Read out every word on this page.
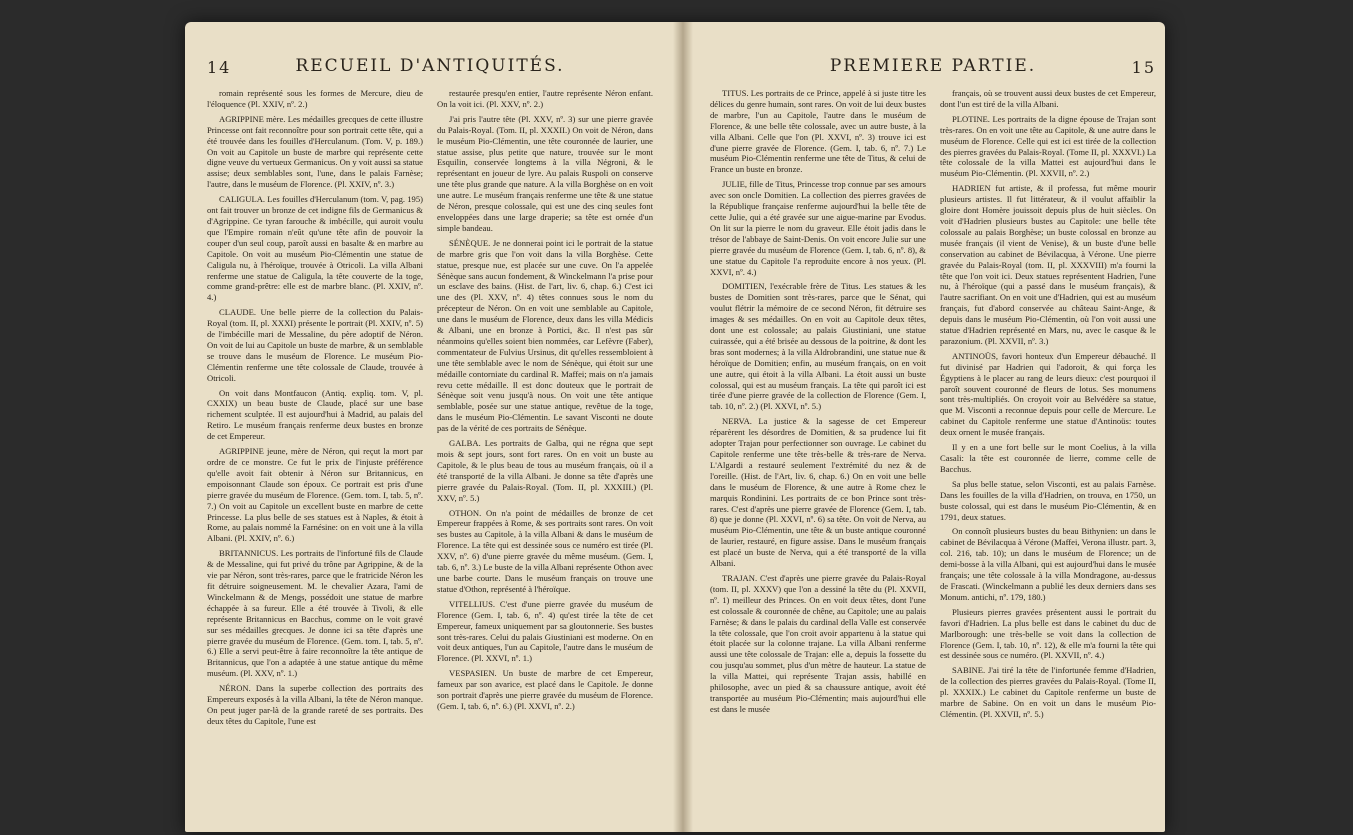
14	RECUEIL D'ANTIQUITÉS.

romain représenté sous les formes de Mercure, dieu de l'éloquence (Pl. XXIV, nº. 2.)

AGRIPPINE mère. Les médailles grecques de cette illustre Princesse ont fait reconnoître pour son portrait cette tête, qui a été trouvée dans les fouilles d'Herculanum. (Tom. V, p. 189.) On voit au Capitole un buste de marbre qui représente cette digne veuve du vertueux Germanicus. On y voit aussi sa statue assise; deux semblables sont, l'une, dans le palais Farnèse; l'autre, dans le muséum de Florence. (Pl. XXIV, nº. 3.)

CALIGULA. Les fouilles d'Herculanum (tom. V, pag. 195) ont fait trouver un bronze de cet indigne fils de Germanicus & d'Agrippine. Ce tyran farouche & imbécille, qui auroit voulu que l'Empire romain n'eût qu'une tête afin de pouvoir la couper d'un seul coup, paroît aussi en basalte & en marbre au Capitole. On voit au muséum Pio-Clémentin une statue de Caligula nu, à l'héroïque, trouvée à Otricoli. La villa Albani renferme une statue de Caligula, la tête couverte de la toge, comme grand-prêtre: elle est de marbre blanc. (Pl. XXIV, nº. 4.)

CLAUDE. Une belle pierre de la collection du Palais-Royal (tom. II, pl. XXXI) présente le portrait (Pl. XXIV, nº. 5) de l'imbécille mari de Messaline, du père adoptif de Néron. On voit de lui au Capitole un buste de marbre, & un semblable se trouve dans le muséum de Florence. Le muséum Pio-Clémentin renferme une tête colossale de Claude, trouvée à Otricoli.

On voit dans Montfaucon (Antiq. expliq. tom. V, pl. CXXIX) un beau buste de Claude, placé sur une base richement sculptée. Il est aujourd'hui à Madrid, au palais del Retiro. Le muséum français renferme deux bustes en bronze de cet Empereur.

AGRIPPINE jeune, mère de Néron, qui reçut la mort par ordre de ce monstre. Ce fut le prix de l'injuste préférence qu'elle avoit fait obtenir à Néron sur Britannicus, en empoisonnant Claude son époux. Ce portrait est pris d'une pierre gravée du muséum de Florence. (Gem. tom. I, tab. 5, nº. 7.) On voit au Capitole un excellent buste en marbre de cette Princesse. La plus belle de ses statues est à Naples, & étoit à Rome, au palais nommé la Farnésine: on en voit une à la villa Albani. (Pl. XXIV, nº. 6.)

BRITANNICUS. Les portraits de l'infortuné fils de Claude & de Messaline, qui fut privé du trône par Agrippine, & de la vie par Néron, sont très-rares, parce que le fratricide Néron les fit détruire soigneusement. M. le chevalier Azara, l'ami de Winckelmann & de Mengs, possédoit une statue de marbre échappée à sa fureur. Elle a été trouvée à Tivoli, & elle représente Britannicus en Bacchus, comme on le voit gravé sur ses médailles grecques. Je donne ici sa tête d'après une pierre gravée du muséum de Florence. (Gem. tom. I, tab. 5, nº. 6.) Elle a servi peut-être à faire reconnoître la tête antique de Britannicus, que l'on a adaptée à une statue antique du même muséum. (Pl. XXV, nº. 1.)

NÉRON. Dans la superbe collection des portraits des Empereurs exposés à la villa Albani, la tête de Néron manque. On peut juger par-là de la grande rareté de ses portraits. Des deux têtes du Capitole, l'une est

restaurée presqu'en entier, l'autre représente Néron enfant. On la voit ici. (Pl. XXV, nº. 2.)

J'ai pris l'autre tête (Pl. XXV, nº. 3) sur une pierre gravée du Palais-Royal. (Tom. II, pl. XXXII.) On voit de Néron, dans le muséum Pio-Clémentin, une tête couronnée de laurier, une statue assise, plus petite que nature, trouvée sur le mont Esquilin, conservée longtems à la villa Négroni, & le représentant en joueur de lyre. Au palais Ruspoli on conserve une tête plus grande que nature. A la villa Borghèse on en voit une autre. Le muséum français renferme une tête & une statue de Néron, presque colossale, qui est une des cinq seules font enveloppées dans une large draperie; sa tête est ornée d'un simple bandeau.

SÉNÈQUE. Je ne donnerai point ici le portrait de la statue de marbre gris que l'on voit dans la villa Borghèse. Cette statue, presque nue, est placée sur une cuve. On l'a appelée Sénèque sans aucun fondement, & Winckelmann l'a prise pour un esclave des bains. (Hist. de l'art, liv. 6, chap. 6.) C'est ici une des (Pl. XXV, nº. 4) têtes connues sous le nom du précepteur de Néron. On en voit une semblable au Capitole, une dans le muséum de Florence, deux dans les villa Médicis & Albani, une en bronze à Portici, &c. Il n'est pas sûr néanmoins qu'elles soient bien nommées, car Lefèvre (Faber), commentateur de Fulvius Ursinus, dit qu'elles ressembloient à une tête semblable avec le nom de Sénèque, qui étoit sur une médaille contorniate du cardinal R. Maffei; mais on n'a jamais revu cette médaille. Il est donc douteux que le portrait de Sénèque soit venu jusqu'à nous. On voit une tête antique semblable, posée sur une statue antique, revêtue de la toge, dans le muséum Pio-Clémentin. Le savant Visconti ne doute pas de la vérité de ces portraits de Sénèque.

GALBA. Les portraits de Galba, qui ne régna que sept mois & sept jours, sont fort rares. On en voit un buste au Capitole, & le plus beau de tous au muséum français, où il a été transporté de la villa Albani. Je donne sa tête d'après une pierre gravée du Palais-Royal. (Tom. II, pl. XXXIII.) (Pl. XXV, nº. 5.)

OTHON. On n'a point de médailles de bronze de cet Empereur frappées à Rome, & ses portraits sont rares. On voit ses bustes au Capitole, à la villa Albani & dans le muséum de Florence. La tête qui est dessinée sous ce numéro est tirée (Pl. XXV, nº. 6) d'une pierre gravée du même muséum. (Gem. I, tab. 6, nº. 3.) Le buste de la villa Albani représente Othon avec une barbe courte. Dans le muséum français on trouve une statue d'Othon, représenté à l'héroïque.

VITELLIUS. C'est d'une pierre gravée du muséum de Florence (Gem. I, tab. 6, nº. 4) qu'est tirée la tête de cet Empereur, fameux uniquement par sa gloutonnerie. Ses bustes sont très-rares. Celui du palais Giustiniani est moderne. On en voit deux antiques, l'un au Capitole, l'autre dans le muséum de Florence. (Pl. XXVI, nº. 1.)

VESPASIEN. Un buste de marbre de cet Empereur, fameux par son avarice, est placé dans le Capitole. Je donne son portrait d'après une pierre gravée du muséum de Florence. (Gem. I, tab. 6, nº. 6.) (Pl. XXVI, nº. 2.)

PREMIERE PARTIE.	15

TITUS. Les portraits de ce Prince, appelé à si juste titre les délices du genre humain, sont rares. On voit de lui deux bustes de marbre, l'un au Capitole, l'autre dans le muséum de Florence, & une belle tête colossale, avec un autre buste, à la villa Albani. Celle que l'on (Pl. XXVI, nº. 3) trouve ici est d'une pierre gravée de Florence. (Gem. I, tab. 6, nº. 7.) Le muséum Pio-Clémentin renferme une tête de Titus, & celui de France un buste en bronze.

JULIE, fille de Titus, Princesse trop connue par ses amours avec son oncle Domitien. La collection des pierres gravées de la République française renferme aujourd'hui la belle tête de cette Julie, qui a été gravée sur une aigue-marine par Evodus. On lit sur la pierre le nom du graveur. Elle étoit jadis dans le trésor de l'abbaye de Saint-Denis. On voit encore Julie sur une pierre gravée du muséum de Florence (Gem. I, tab. 6, nº. 8), & une statue du Capitole l'a reproduite encore à nos yeux. (Pl. XXVI, nº. 4.)

DOMITIEN, l'exécrable frère de Titus. Les statues & les bustes de Domitien sont très-rares, parce que le Sénat, qui voulut flétrir la mémoire de ce second Néron, fit détruire ses images & ses médailles. On en voit au Capitole deux têtes, dont une est colossale; au palais Giustiniani, une statue cuirassée, qui a été brisée au dessous de la poitrine, & dont les bras sont modernes; à la villa Aldrobrandini, une statue nue & héroïque de Domitien; enfin, au muséum français, on en voit une autre, qui étoit à la villa Albani. La étoit aussi un buste colossal, qui est au muséum français. La tête qui paroît ici est tirée d'une pierre gravée de la collection de Florence (Gem. I, tab. 10, nº. 2.) (Pl. XXVI, nº. 5.)

NERVA. La justice & la sagesse de cet Empereur réparèrent les désordres de Domitien, & sa prudence lui fit adopter Trajan pour perfectionner son ouvrage. Le cabinet du Capitole renferme une tête très-belle & très-rare de Nerva. L'Algardi a restauré seulement l'extrémité du nez & de l'oreille. (Hist. de l'Art, liv. 6, chap. 6.) On en voit une belle dans le muséum de Florence, & une autre à Rome chez le marquis Rondinini. Les portraits de ce bon Prince sont très-rares. C'est d'après une pierre gravée de Florence (Gem. I, tab. 8) que je donne (Pl. XXVI, nº. 6) sa tête. On voit de Nerva, au muséum Pio-Clémentin, une tête & un buste antique couronné de laurier, restauré, en figure assise. Dans le muséum français est placé un buste de Nerva, qui a été transporté de la villa Albani.

TRAJAN. C'est d'après une pierre gravée du Palais-Royal (tom. II, pl. XXXV) que l'on a dessiné la tête du (Pl. XXVII, nº. 1) meilleur des Princes. On en voit deux têtes, dont l'une est colossale & couronnée de chêne, au Capitole; une au palais Farnèse; & dans le palais du cardinal della Valle est conservée la tête colossale, que l'on croit avoir appartenu à la statue qui étoit placée sur la colonne trajane. La villa Albani renferme aussi une tête colossale de Trajan: elle a, depuis la fossette du cou jusqu'au sommet, plus d'un mètre de hauteur. La statue de la villa Mattei, qui représente Trajan assis, habillé en philosophe, avec un pied & sa chaussure antique, avoit été transportée au muséum Pio-Clémentin; mais aujourd'hui elle est dans le musée

français, où se trouvent aussi deux bustes de cet Empereur, dont l'un est tiré de la villa Albani.

PLOTINE. Les portraits de la digne épouse de Trajan sont très-rares. On en voit une tête au Capitole, & une autre dans le muséum de Florence. Celle qui est ici est tirée de la collection des pierres gravées du Palais-Royal. (Tome II, pl. XXXVI.) La tête colossale de la villa Mattei est aujourd'hui dans le muséum Pio-Clémentin. (Pl. XXVII, nº. 2.)

HADRIEN fut artiste, & il professa, fut même mourir plusieurs artistes. Il fut littérateur, & il voulut affaiblir la gloire dont Homère jouissoit depuis plus de huit siècles. On voit d'Hadrien plusieurs bustes au Capitole: une belle tête colossale au palais Borghèse; un buste colossal en bronze au musée français (il vient de Venise), & un buste d'une belle conservation au cabinet de Bévilacqua, à Vérone. Une pierre gravée du Palais-Royal (tom. II, pl. XXXVIII) m'a fourni la tête que l'on voit ici. Deux statues représentent Hadrien, l'une nu, à l'héroïque (qui a passé dans le muséum français), & l'autre sacrifiant. On en voit une d'Hadrien, qui est au muséum français, fut d'abord conservée au château Saint-Ange, & depuis dans le muséum Pio-Clémentin, où l'on voit aussi une statue d'Hadrien représenté en Mars, nu, avec le casque & le parazonium. (Pl. XXVII, nº. 3.)

ANTINOÜS, favori honteux d'un Empereur débauché. Il fut divinisé par Hadrien qui l'adoroit, & qui força les Égyptiens à le placer au rang de leurs dieux: c'est pourquoi il paroît souvent couronné de fleurs de lotus. Ses monumens sont très-multipliés. On croyoit voir au Belvédère sa statue, que M. Visconti a reconnue depuis pour celle de Mercure. Le cabinet du Capitole renferme une statue d'Antinoüs: toutes deux ornent le musée français.

Il y en a une fort belle sur le mont Coelius, à la villa Casali: la tête est couronnée de lierre, comme celle de Bacchus.

Sa plus belle statue, selon Visconti, est au palais Farnèse. Dans les fouilles de la villa d'Hadrien, on trouva, en 1750, un buste colossal, qui est dans le muséum Pio-Clémentin, & en 1791, deux statues.

On connoît plusieurs bustes du beau Bithynien: un dans le cabinet de Bévilacqua à Vérone (Maffei, Verona illustr. part. 3, col. 216, tab. 10); un dans le muséum de Florence; un de demi-bosse à la villa Albani, qui est aujourd'hui dans le musée français; une tête colossale à la villa Mondragone, au-dessus de Frascati. (Winckelmann a publié les deux derniers dans ses Monum. antichi, nº. 179, 180.)

Plusieurs pierres gravées présentent aussi le portrait du favori d'Hadrien. La plus belle est dans le cabinet du duc de Marlborough: une très-belle se voit dans la collection de Florence (Gem. I, tab. 10, nº. 12), & elle m'a fourni la tête qui est dessinée sous ce numéro. (Pl. XXVII, nº. 4.)

SABINE. J'ai tiré la tête de l'infortunée femme d'Hadrien, de la collection des pierres gravées du Palais-Royal. (Tome II, pl. XXXIX.) Le cabinet du Capitole renferme un buste de marbre de Sabine. On en voit un dans le muséum Pio-Clémentin. (Pl. XXVII, nº. 5.)
